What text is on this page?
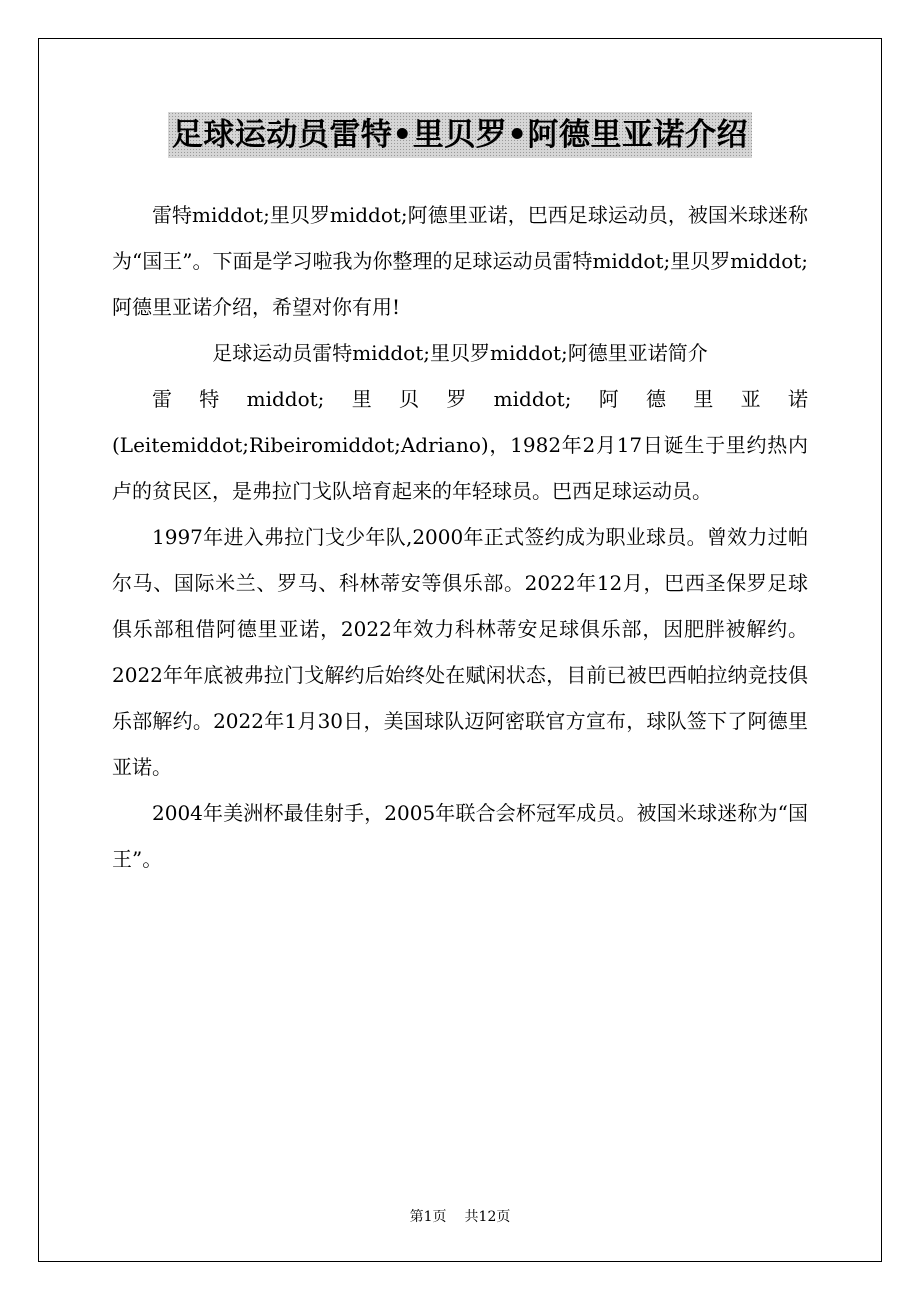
足球运动员雷特•里贝罗•阿德里亚诺介绍

雷特middot;里贝罗middot;阿德里亚诺，巴西足球运动员，被国米球迷称为“国王”。下面是学习啦我为你整理的足球运动员雷特middot;里贝罗middot;阿德里亚诺介绍，希望对你有用!

足球运动员雷特middot;里贝罗middot;阿德里亚诺简介

雷特middot;里贝罗middot;阿德里亚诺(Leitemiddot;Ribeiromiddot;Adriano)，1982年2月17日诞生于里约热内卢的贫民区，是弗拉门戈队培育起来的年轻球员。巴西足球运动员。

1997年进入弗拉门戈少年队,2000年正式签约成为职业球员。曾效力过帕尔马、国际米兰、罗马、科林蒂安等俱乐部。2022年12月，巴西圣保罗足球俱乐部租借阿德里亚诺，2022年效力科林蒂安足球俱乐部，因肥胖被解约。2022年年底被弗拉门戈解约后始终处在赋闲状态，目前已被巴西帕拉纳竞技俱乐部解约。2022年1月30日，美国球队迈阿密联官方宣布，球队签下了阿德里亚诺。

2004年美洲杯最佳射手，2005年联合会杯冠军成员。被国米球迷称为“国王”。

第1页 共12页
